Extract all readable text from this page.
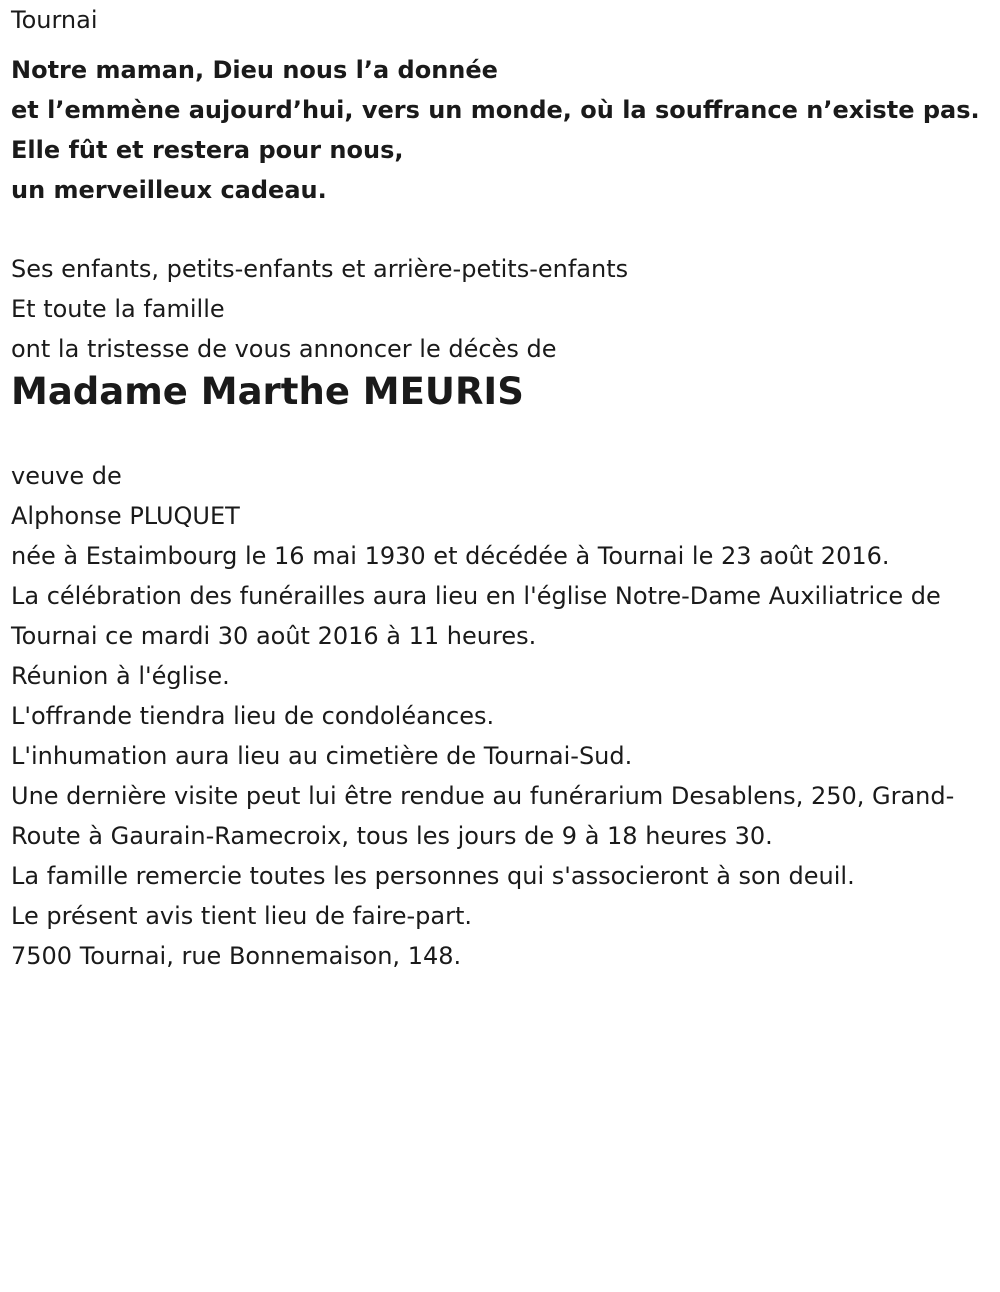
Tournai

Notre maman, Dieu nous l’a donnée

et l’emmène aujourd’hui, vers un monde, où la souffrance n’existe pas.

Elle fût et restera pour nous,

un merveilleux cadeau.

Ses enfants, petits-enfants et arrière-petits-enfants

Et toute la famille

ont la tristesse de vous annoncer le décès de

Madame Marthe MEURIS

veuve de

Alphonse PLUQUET

née à Estaimbourg le 16 mai 1930 et décédée à Tournai le 23 août 2016.

La célébration des funérailles aura lieu en l'église Notre-Dame Auxiliatrice de Tournai ce mardi 30 août 2016 à 11 heures.

Réunion à l'église.

L'offrande tiendra lieu de condoléances.

L'inhumation aura lieu au cimetière de Tournai-Sud.

Une dernière visite peut lui être rendue au funérarium Desablens, 250, Grand-Route à Gaurain-Ramecroix, tous les jours de 9 à 18 heures 30.

La famille remercie toutes les personnes qui s'associeront à son deuil.

Le présent avis tient lieu de faire-part.

7500 Tournai, rue Bonnemaison, 148.
